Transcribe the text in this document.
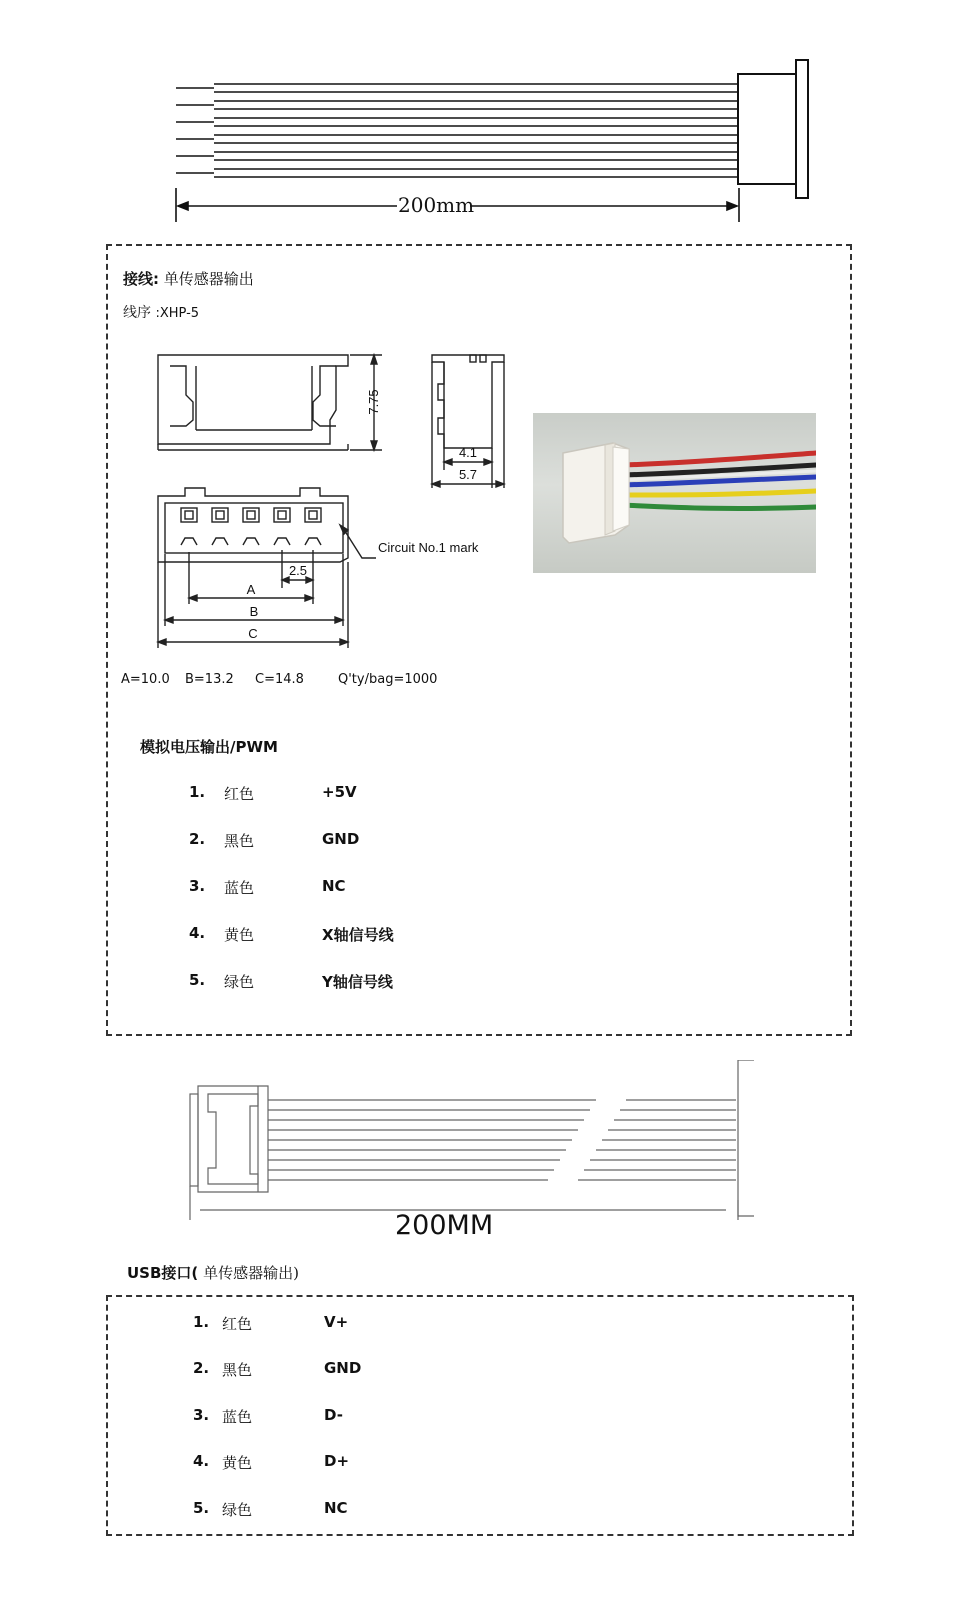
200mm
接线: 单传感器输出
线序 :XHP-5
7.75
4.1
5.7
2.5
A
B
C
Circuit No.1 mark
A=10.0 B=13.2 C=14.8	Q'ty/bag=1000
模拟电压输出/PWM
1. 红色	+5V
2. 黑色	GND
3. 蓝色	NC
4. 黄色	X轴信号线
5. 绿色	Y轴信号线
200MM
USB接口( 单传感器输出)
1. 红色	V+
2. 黑色	GND
3. 蓝色	D-
4. 黄色	D+
5. 绿色	NC
